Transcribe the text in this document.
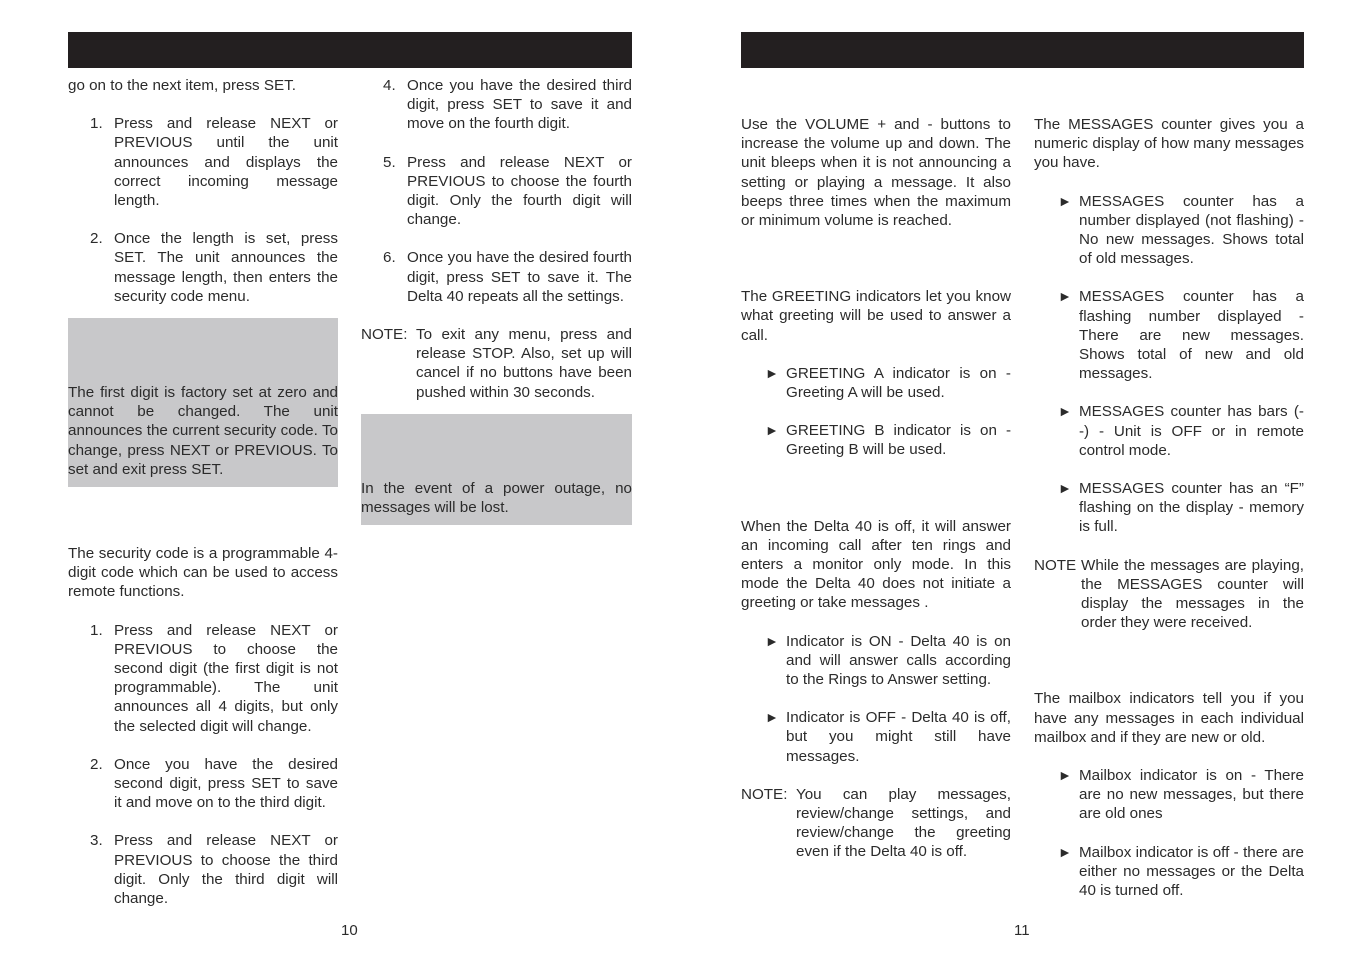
go on to the next item, press SET.

1. Press and release NEXT or PREVIOUS until the unit announces and displays the correct incoming message length.
2. Once the length is set, press SET. The unit announces the message length, then enters the security code menu.

The first digit is factory set at zero and cannot be changed. The unit announces the current security code. To change, press NEXT or PREVIOUS. To set and exit press SET.

The security code is a programmable 4-digit code which can be used to access remote functions.

1. Press and release NEXT or PREVIOUS to choose the second digit (the first digit is not programmable). The unit announces all 4 digits, but only the selected digit will change.
2. Once you have the desired second digit, press SET to save it and move on to the third digit.
3. Press and release NEXT or PREVIOUS to choose the third digit. Only the third digit will change.
4. Once you have the desired third digit, press SET to save it and move on the fourth digit.
5. Press and release NEXT or PREVIOUS to choose the fourth digit. Only the fourth digit will change.
6. Once you have the desired fourth digit, press SET to save it. The Delta 40 repeats all the settings.
NOTE: To exit any menu, press and release STOP. Also, set up will cancel if no buttons have been pushed within 30 seconds.

In the event of a power outage, no messages will be lost.

10

Use the VOLUME + and - buttons to increase the volume up and down. The unit bleeps when it is not announcing a setting or playing a message. It also beeps three times when the maximum or minimum volume is reached.

The GREETING indicators let you know what greeting will be used to answer a call.

► GREETING A indicator is on - Greeting A will be used.
► GREETING B indicator is on - Greeting B will be used.

When the Delta 40 is off, it will answer an incoming call after ten rings and enters a monitor only mode. In this mode the Delta 40 does not initiate a greeting or take messages .

► Indicator is ON - Delta 40 is on and will answer calls according to the Rings to Answer setting.
► Indicator is OFF - Delta 40 is off, but you might still have messages.
NOTE: You can play messages, review/change settings, and review/change the greeting even if the Delta 40 is off.

The MESSAGES counter gives you a numeric display of how many messages you have.

► MESSAGES counter has a number displayed (not flashing) - No new messages. Shows total of old messages.
► MESSAGES counter has a flashing number displayed - There are new messages. Shows total of new and old messages.
► MESSAGES counter has bars (--) - Unit is OFF or in remote control mode.
► MESSAGES counter has an “F” flashing on the display - memory is full.
NOTE While the messages are playing, the MESSAGES counter will display the messages in the order they were received.

The mailbox indicators tell you if you have any messages in each individual mailbox and if they are new or old.

► Mailbox indicator is on - There are no new messages, but there are old ones
► Mailbox indicator is off - there are either no messages or the Delta 40 is turned off.
11
